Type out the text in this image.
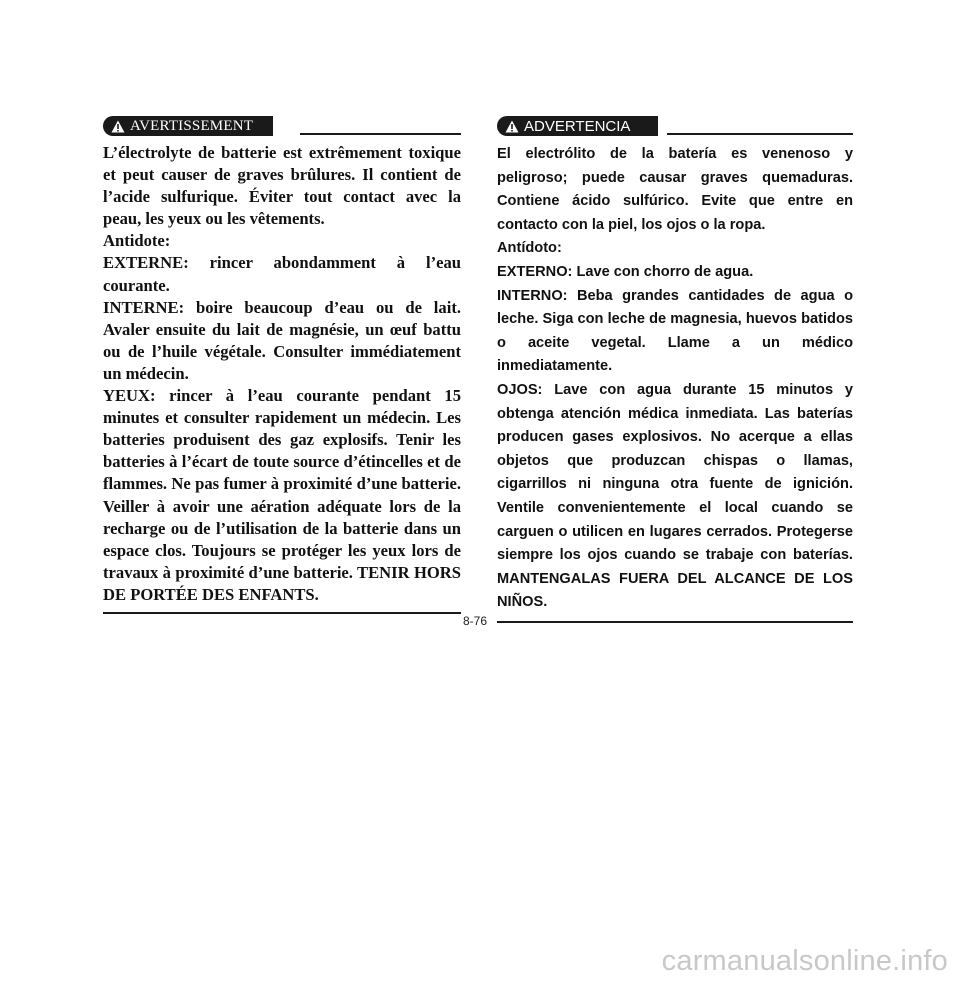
AVERTISSEMENT

L’électrolyte de batterie est extrêmement toxique et peut causer de graves brûlures. Il contient de l’acide sulfurique. Éviter tout contact avec la peau, les yeux ou les vêtements.

Antidote:

EXTERNE: rincer abondamment à l’eau courante.

INTERNE: boire beaucoup d’eau ou de lait. Avaler ensuite du lait de magnésie, un œuf battu ou de l’huile végétale. Consulter immédiatement un médecin.

YEUX: rincer à l’eau courante pendant 15 minutes et consulter rapidement un médecin. Les batteries produisent des gaz explosifs. Tenir les batteries à l’écart de toute source d’étincelles et de flammes. Ne pas fumer à proximité d’une batterie. Veiller à avoir une aération adéquate lors de la recharge ou de l’utilisation de la batterie dans un espace clos. Toujours se protéger les yeux lors de travaux à proximité d’une batterie. TENIR HORS DE PORTÉE DES ENFANTS.

ADVERTENCIA

El electrólito de la batería es venenoso y peligroso; puede causar graves quemaduras. Contiene ácido sulfúrico. Evite que entre en contacto con la piel, los ojos o la ropa.

Antídoto:

EXTERNO: Lave con chorro de agua.

INTERNO: Beba grandes cantidades de agua o leche. Siga con leche de magnesia, huevos batidos o aceite vegetal. Llame a un médico inmediatamente.

OJOS: Lave con agua durante 15 minutos y obtenga atención médica inmediata. Las baterías producen gases explosivos. No acerque a ellas objetos que produzcan chispas o llamas, cigarrillos ni ninguna otra fuente de ignición. Ventile convenientemente el local cuando se carguen o utilicen en lugares cerrados. Protegerse siempre los ojos cuando se trabaje con baterías. MANTENGALAS FUERA DEL ALCANCE DE LOS NIÑOS.

8-76
carmanualsonline.info
